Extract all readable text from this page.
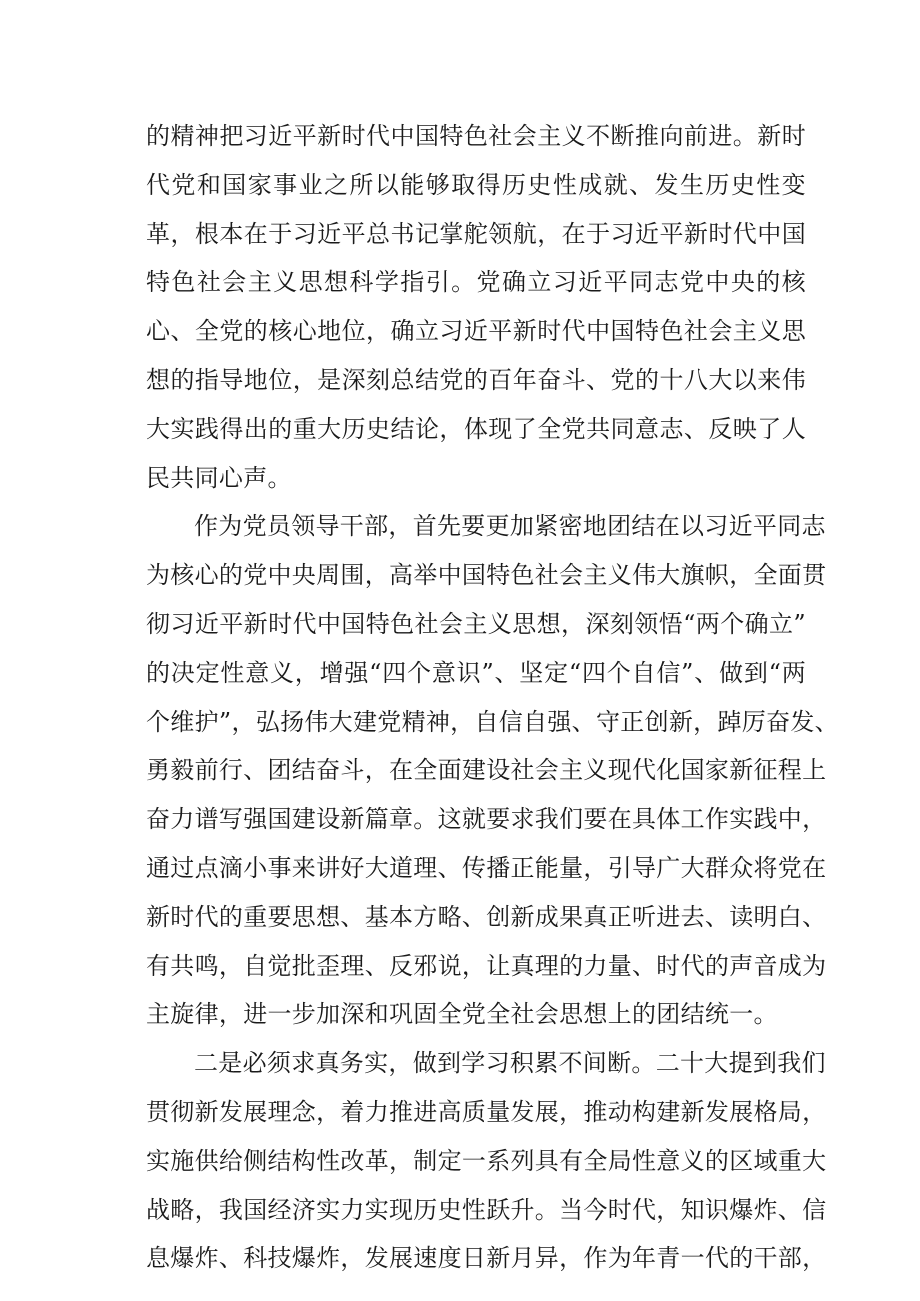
的精神把习近平新时代中国特色社会主义不断推向前进。新时
代党和国家事业之所以能够取得历史性成就、发生历史性变
革，根本在于习近平总书记掌舵领航，在于习近平新时代中国
特色社会主义思想科学指引。党确立习近平同志党中央的核
心、全党的核心地位，确立习近平新时代中国特色社会主义思
想的指导地位，是深刻总结党的百年奋斗、党的十八大以来伟
大实践得出的重大历史结论，体现了全党共同意志、反映了人
民共同心声。
作为党员领导干部，首先要更加紧密地团结在以习近平同志
为核心的党中央周围，高举中国特色社会主义伟大旗帜，全面贯
彻习近平新时代中国特色社会主义思想，深刻领悟“两个确立”
的决定性意义，增强“四个意识”、坚定“四个自信”、做到“两
个维护”，弘扬伟大建党精神，自信自强、守正创新，踔厉奋发、
勇毅前行、团结奋斗，在全面建设社会主义现代化国家新征程上
奋力谱写强国建设新篇章。这就要求我们要在具体工作实践中，
通过点滴小事来讲好大道理、传播正能量，引导广大群众将党在
新时代的重要思想、基本方略、创新成果真正听进去、读明白、
有共鸣，自觉批歪理、反邪说，让真理的力量、时代的声音成为
主旋律，进一步加深和巩固全党全社会思想上的团结统一。
二是必须求真务实，做到学习积累不间断。二十大提到我们
贯彻新发展理念，着力推进高质量发展，推动构建新发展格局，
实施供给侧结构性改革，制定一系列具有全局性意义的区域重大
战略，我国经济实力实现历史性跃升。当今时代，知识爆炸、信
息爆炸、科技爆炸，发展速度日新月异，作为年青一代的干部，
